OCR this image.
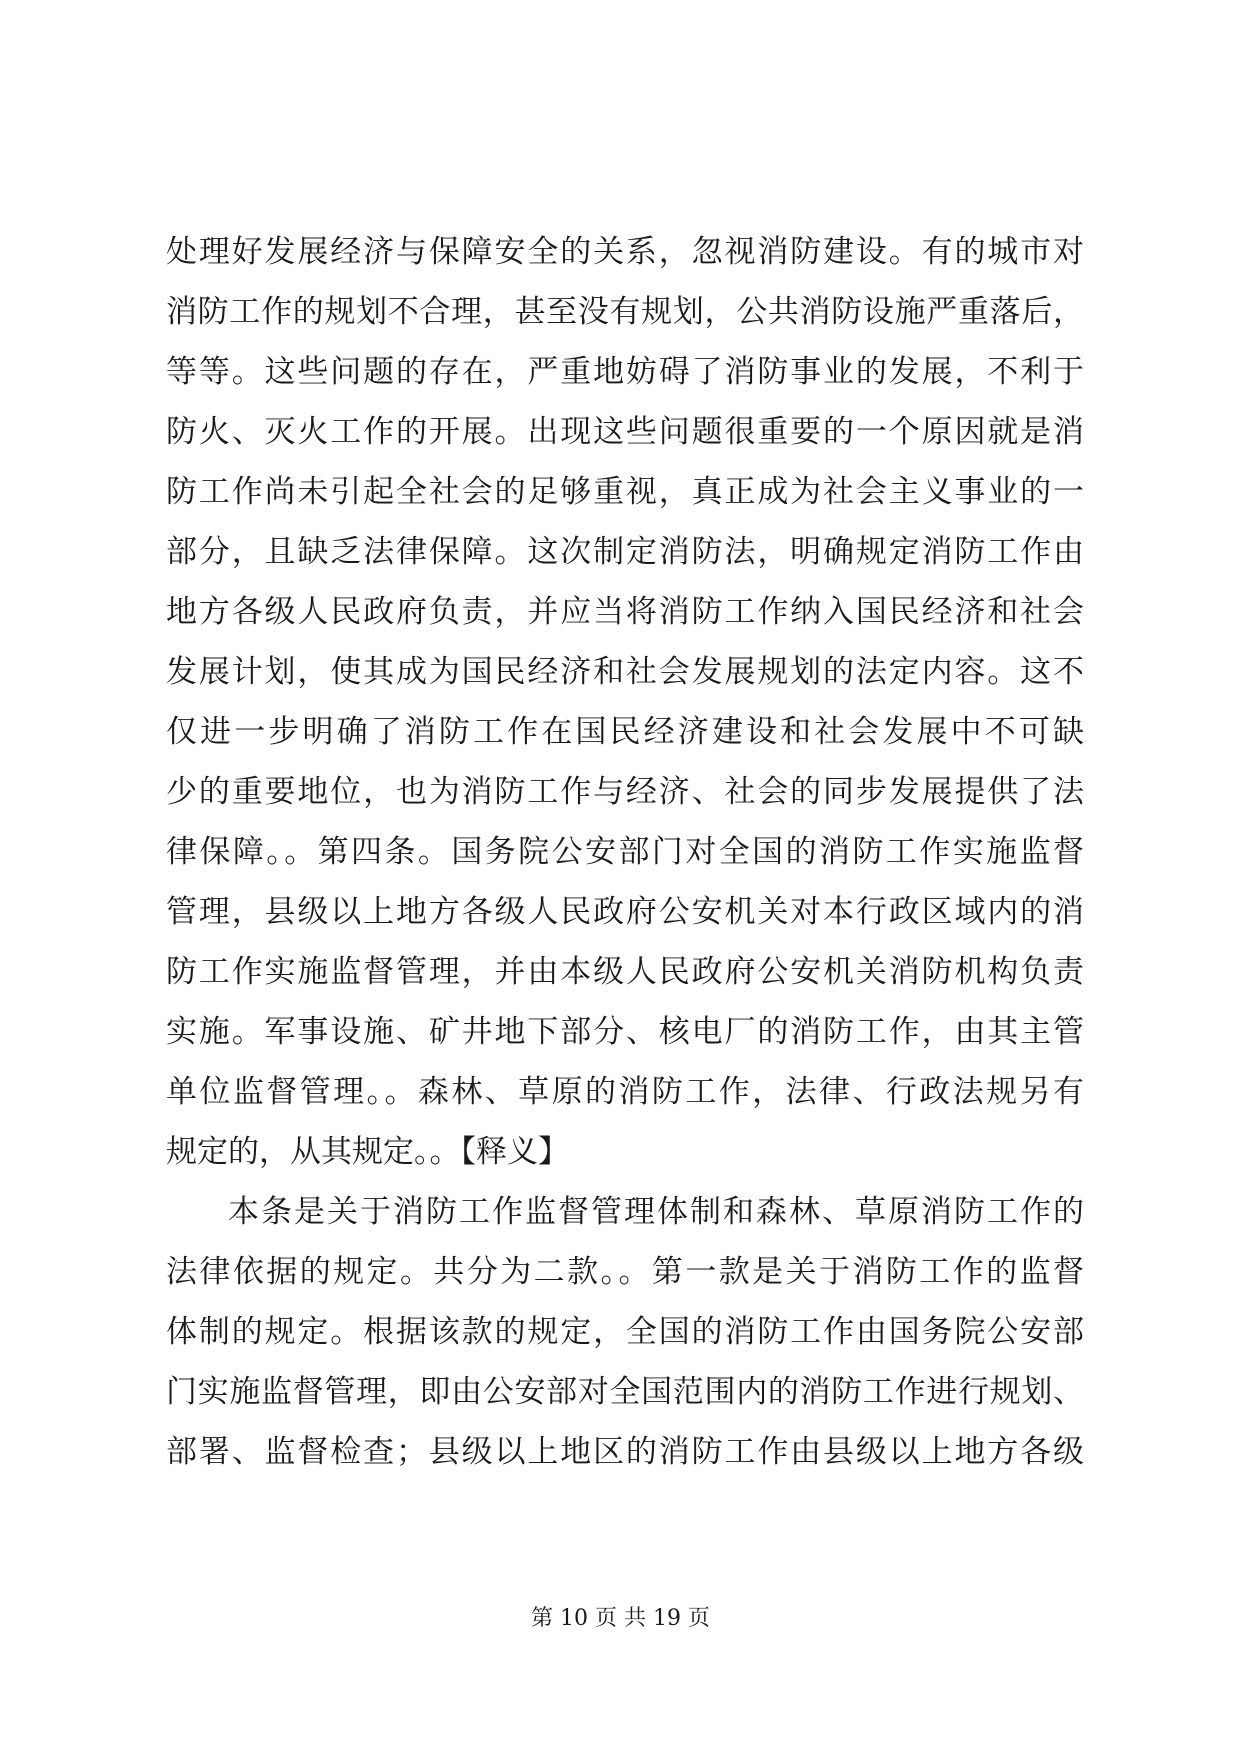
处理好发展经济与保障安全的关系，忽视消防建设。有的城市对
消防工作的规划不合理，甚至没有规划，公共消防设施严重落后，
等等。这些问题的存在，严重地妨碍了消防事业的发展，不利于
防火、灭火工作的开展。出现这些问题很重要的一个原因就是消
防工作尚未引起全社会的足够重视，真正成为社会主义事业的一
部分，且缺乏法律保障。这次制定消防法，明确规定消防工作由
地方各级人民政府负责，并应当将消防工作纳入国民经济和社会
发展计划，使其成为国民经济和社会发展规划的法定内容。这不
仅进一步明确了消防工作在国民经济建设和社会发展中不可缺
少的重要地位，也为消防工作与经济、社会的同步发展提供了法
律保障。。第四条。国务院公安部门对全国的消防工作实施监督
管理，县级以上地方各级人民政府公安机关对本行政区域内的消
防工作实施监督管理，并由本级人民政府公安机关消防机构负责
实施。军事设施、矿井地下部分、核电厂的消防工作，由其主管
单位监督管理。。森林、草原的消防工作，法律、行政法规另有
规定的，从其规定。。【释义】
本条是关于消防工作监督管理体制和森林、草原消防工作的
法律依据的规定。共分为二款。。第一款是关于消防工作的监督
体制的规定。根据该款的规定，全国的消防工作由国务院公安部
门实施监督管理，即由公安部对全国范围内的消防工作进行规划、
部署、监督检查；县级以上地区的消防工作由县级以上地方各级
第 10 页 共 19 页
